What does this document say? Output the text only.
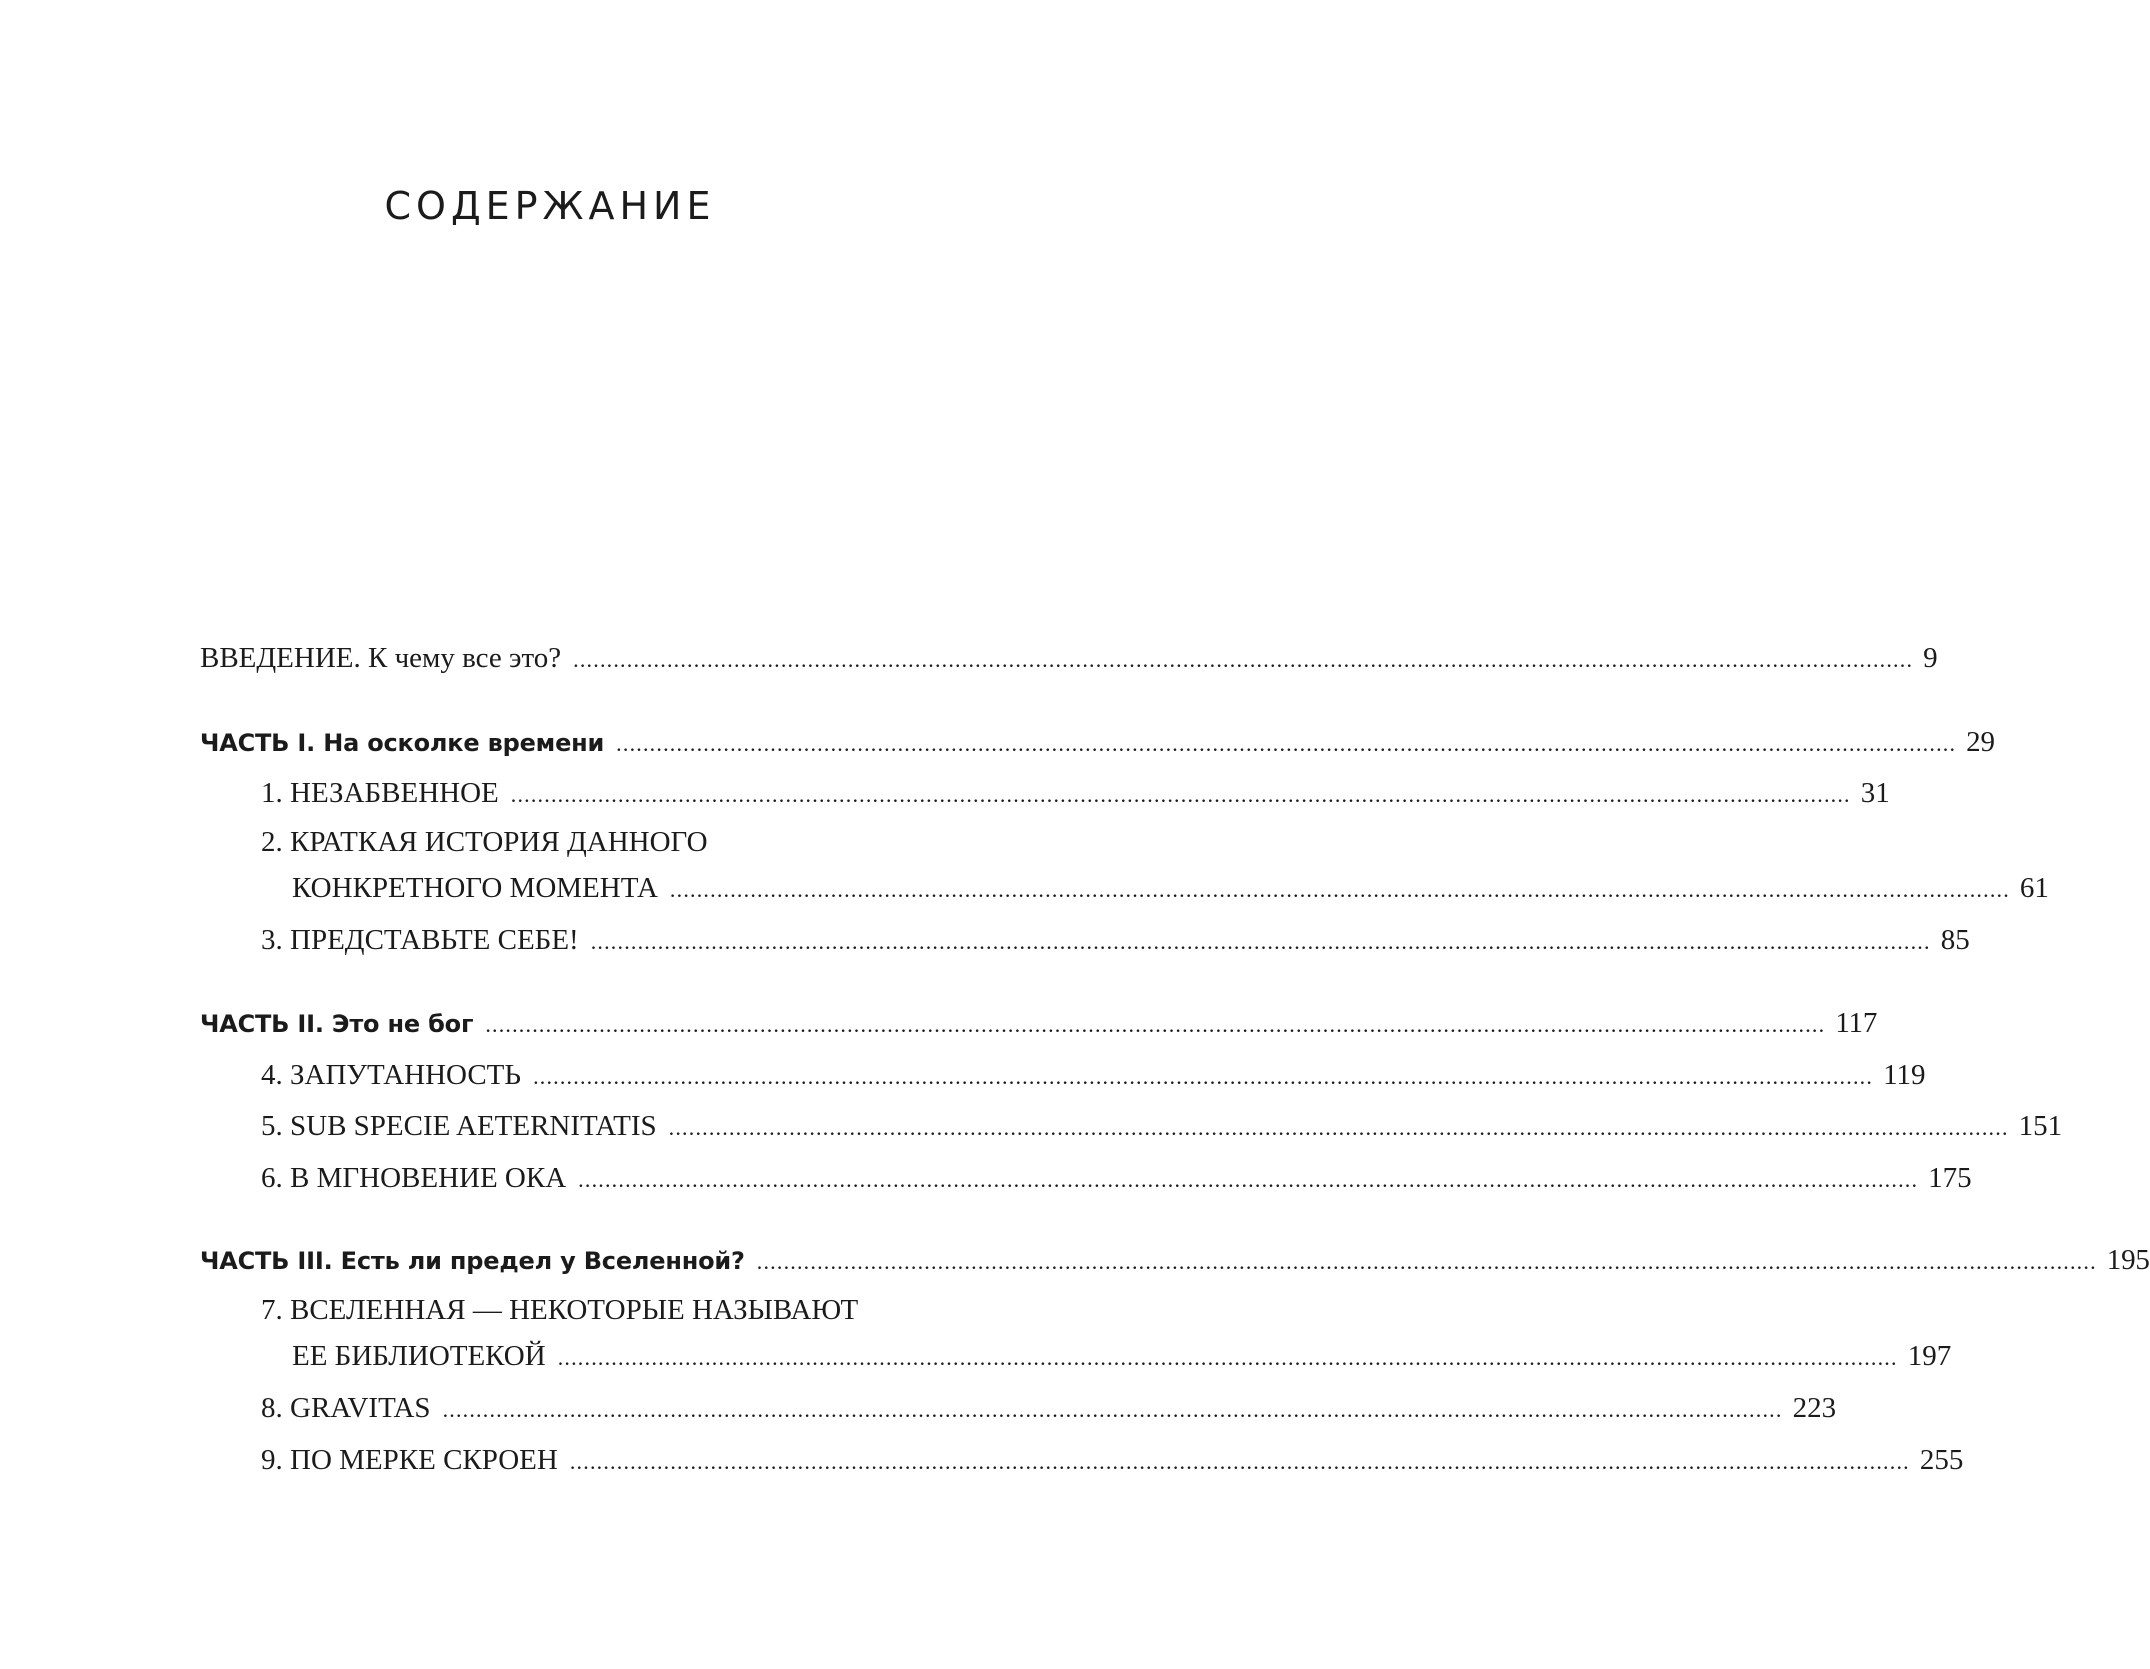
СОДЕРЖАНИЕ
ВВЕДЕНИЕ. К чему все это? ........................................................................................................................................................................................................ 9
ЧАСТЬ I. На осколке времени ........................................................................................................................................................................................................ 29
1. НЕЗАБВЕННОЕ ........................................................................................................................................................................................................ 31
2. КРАТКАЯ ИСТОРИЯ ДАННОГО
КОНКРЕТНОГО МОМЕНТА ........................................................................................................................................................................................................ 61
3. ПРЕДСТАВЬТЕ СЕБЕ! ........................................................................................................................................................................................................ 85
ЧАСТЬ II. Это не бог ........................................................................................................................................................................................................ 117
4. ЗАПУТАННОСТЬ ........................................................................................................................................................................................................ 119
5. SUB SPECIE AETERNITATIS ........................................................................................................................................................................................................ 151
6. В МГНОВЕНИЕ ОКА ........................................................................................................................................................................................................ 175
ЧАСТЬ III. Есть ли предел у Вселенной? ........................................................................................................................................................................................................ 195
7. ВСЕЛЕННАЯ — НЕКОТОРЫЕ НАЗЫВАЮТ
ЕЕ БИБЛИОТЕКОЙ ........................................................................................................................................................................................................ 197
8. GRAVITAS ........................................................................................................................................................................................................ 223
9. ПО МЕРКЕ СКРОЕН ........................................................................................................................................................................................................ 255
